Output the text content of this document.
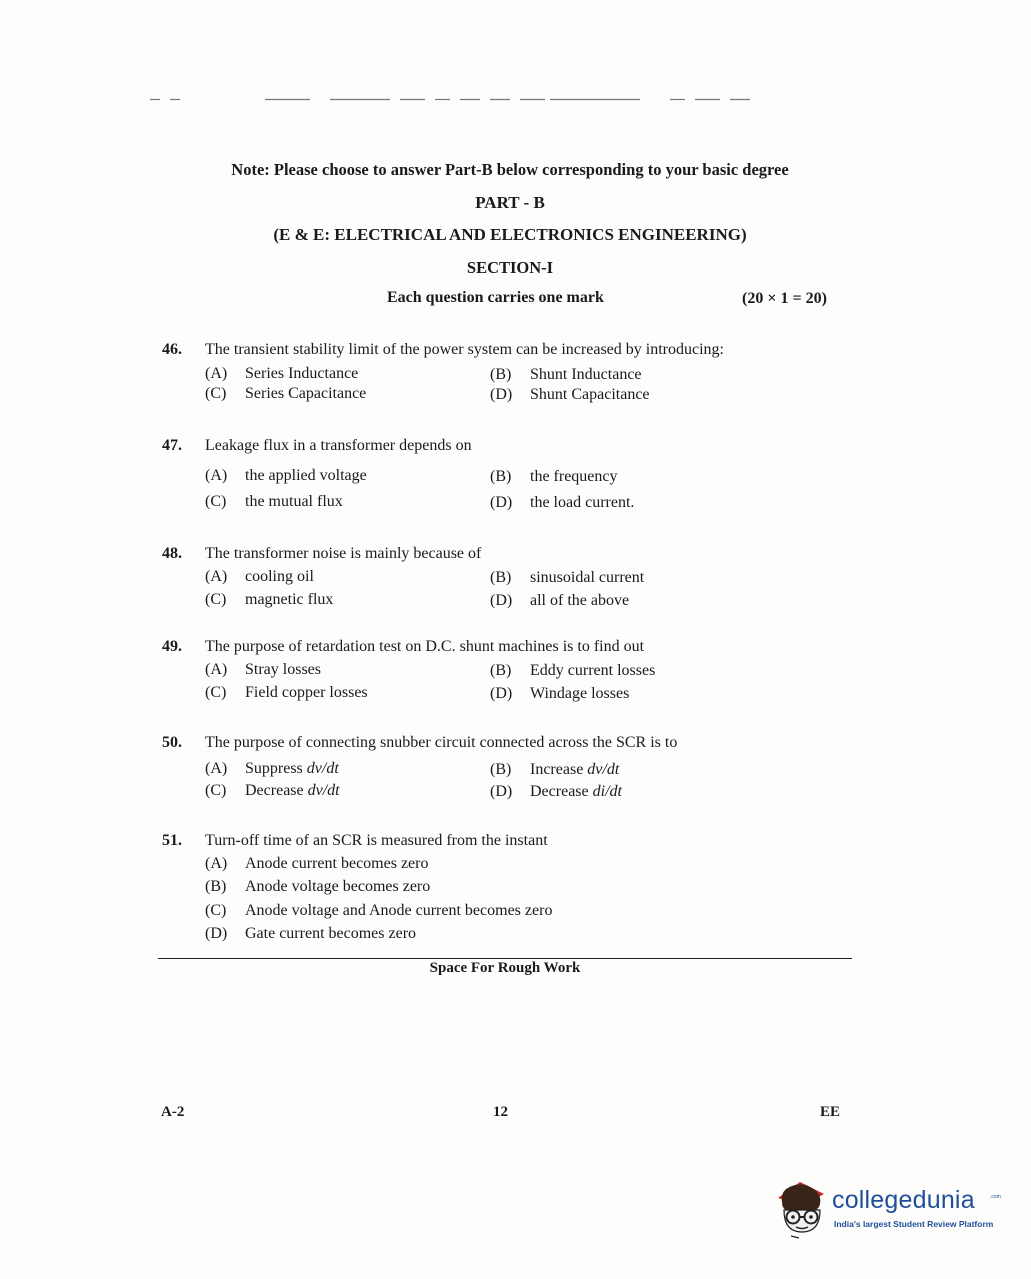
Note: Please choose to answer Part-B below corresponding to your basic degree
PART - B
(E & E: ELECTRICAL AND ELECTRONICS ENGINEERING)
SECTION-I
Each question carries one mark	(20 × 1 = 20)
46. The transient stability limit of the power system can be increased by introducing:
(A) Series Inductance	(B) Shunt Inductance
(C) Series Capacitance	(D) Shunt Capacitance
47. Leakage flux in a transformer depends on
(A) the applied voltage	(B) the frequency
(C) the mutual flux	(D) the load current.
48. The transformer noise is mainly because of
(A) cooling oil	(B) sinusoidal current
(C) magnetic flux	(D) all of the above
49. The purpose of retardation test on D.C. shunt machines is to find out
(A) Stray losses	(B) Eddy current losses
(C) Field copper losses	(D) Windage losses
50. The purpose of connecting snubber circuit connected across the SCR is to
(A) Suppress dv/dt	(B) Increase dv/dt
(C) Decrease dv/dt	(D) Decrease di/dt
51. Turn-off time of an SCR is measured from the instant
(A) Anode current becomes zero
(B) Anode voltage becomes zero
(C) Anode voltage and Anode current becomes zero
(D) Gate current becomes zero
Space For Rough Work
A-2	12	EE
collegedunia	.com
India's largest Student Review Platform
